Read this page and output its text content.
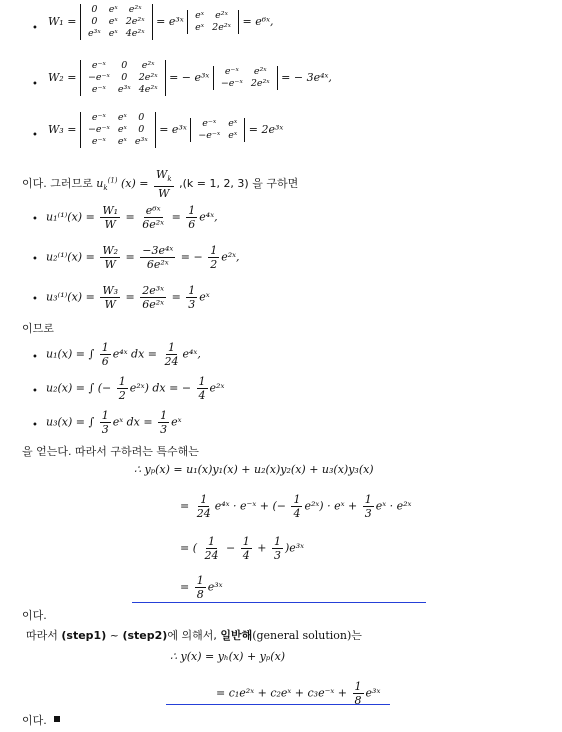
•
W₁ =
0	eˣ	e²ˣ
0	eˣ	2e²ˣ
e³ˣ	eˣ	4e²ˣ
= e³ˣ eˣ	e²ˣ
eˣ	2e²ˣ = e⁶ˣ,
•
W₂ =
e⁻ˣ	0	e²ˣ
−e⁻ˣ	0	2e²ˣ
e⁻ˣ	e³ˣ	4e²ˣ
= − e³ˣ e⁻ˣ	e²ˣ
−e⁻ˣ	2e²ˣ = − 3e⁴ˣ,
• W₃ =
e⁻ˣ	eˣ	0
−e⁻ˣ	eˣ	0
e⁻ˣ	eˣ	e³ˣ
= e³ˣ e⁻ˣ	eˣ
−e⁻ˣ	eˣ = 2e³ˣ
이다. 그러므로 $u_k^{(1)}$ $(x) = \frac{W_k}{W} ,(k = 1$, 2, 3) 을 구하면
• $u_1^{(1)}(x) = \frac{\text{W₁}}{W} = \frac{\text{e⁶ˣ}}{\text{6e²ˣ}} = \frac{1}{6}$ e⁴ˣ,
• $u_2^{(1)}(x) = \frac{\text{W₂}}{W} = \frac{\text{−3e⁴ˣ}}{\text{6e²ˣ}}$ = − $\frac{1}{2}$ e²ˣ,
• $u_3^{(1)}(x) = \frac{\text{W₃}}{W} = \frac{\text{2e³ˣ}}{\text{6e²ˣ}} = \frac{1}{3}$ eˣ
이므로
• u₁(x) = ∫ $\frac{1}{6}$ e⁴ˣ dx = $\frac{1}{24}$ e⁴ˣ,
• u₂(x) = ∫ (− $\frac{1}{2}$ e²ˣ) dx = − $\frac{1}{4}$ e²ˣ
• u₃(x) = ∫ $\frac{1}{3}$ eˣ dx = $\frac{1}{3}$ eˣ
을 얻는다. 따라서 구하려는 특수해는
∴ yₚ(x) = u₁(x)y₁(x) + u₂(x)y₂(x) + u₃(x)y₃(x)
= $\frac{1}{24}$ e⁴ˣ · e⁻ˣ + (− $\frac{1}{4}$ e²ˣ) · eˣ + $\frac{1}{3}$ eˣ · e²ˣ
= ( $\frac{1}{24} - \frac{1}{4} + \frac{1}{3}$ )e³ˣ
= $\frac{1}{8}$ e³ˣ
이다.
따라서 (step1) ~ (step2)에 의해서, 일반해(general solution)는
∴ y(x) = yₕ(x) + yₚ(x)
= c₁e²ˣ + c₂eˣ + c₃e⁻ˣ + $\frac{1}{8}$ e³ˣ
이다.
